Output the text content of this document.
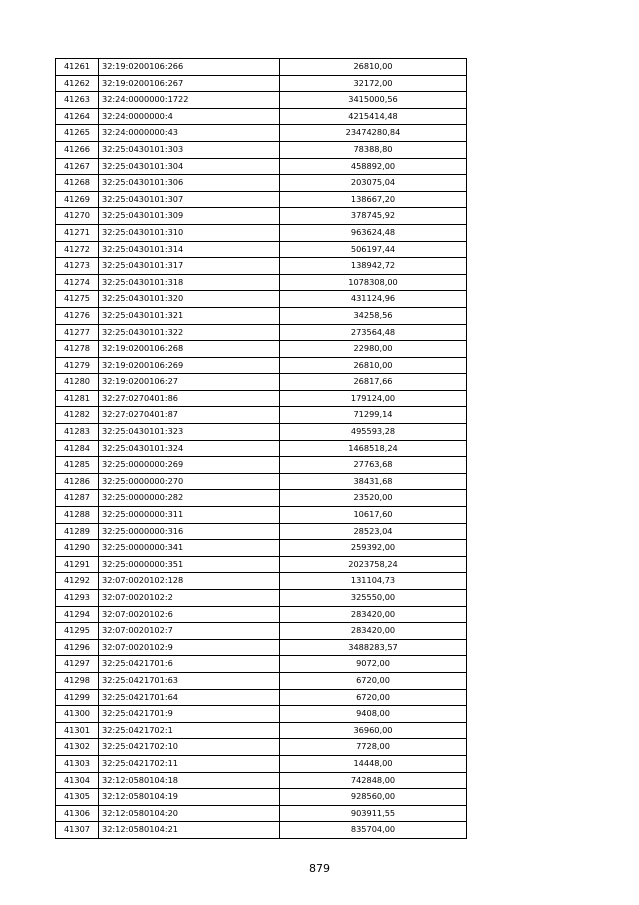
41261	32:19:0200106:266	26810,00
41262	32:19:0200106:267	32172,00
41263	32:24:0000000:1722	3415000,56
41264	32:24:0000000:4	4215414,48
41265	32:24:0000000:43	23474280,84
41266	32:25:0430101:303	78388,80
41267	32:25:0430101:304	458892,00
41268	32:25:0430101:306	203075,04
41269	32:25:0430101:307	138667,20
41270	32:25:0430101:309	378745,92
41271	32:25:0430101:310	963624,48
41272	32:25:0430101:314	506197,44
41273	32:25:0430101:317	138942,72
41274	32:25:0430101:318	1078308,00
41275	32:25:0430101:320	431124,96
41276	32:25:0430101:321	34258,56
41277	32:25:0430101:322	273564,48
41278	32:19:0200106:268	22980,00
41279	32:19:0200106:269	26810,00
41280	32:19:0200106:27	26817,66
41281	32:27:0270401:86	179124,00
41282	32:27:0270401:87	71299,14
41283	32:25:0430101:323	495593,28
41284	32:25:0430101:324	1468518,24
41285	32:25:0000000:269	27763,68
41286	32:25:0000000:270	38431,68
41287	32:25:0000000:282	23520,00
41288	32:25:0000000:311	10617,60
41289	32:25:0000000:316	28523,04
41290	32:25:0000000:341	259392,00
41291	32:25:0000000:351	2023758,24
41292	32:07:0020102:128	131104,73
41293	32:07:0020102:2	325550,00
41294	32:07:0020102:6	283420,00
41295	32:07:0020102:7	283420,00
41296	32:07:0020102:9	3488283,57
41297	32:25:0421701:6	9072,00
41298	32:25:0421701:63	6720,00
41299	32:25:0421701:64	6720,00
41300	32:25:0421701:9	9408,00
41301	32:25:0421702:1	36960,00
41302	32:25:0421702:10	7728,00
41303	32:25:0421702:11	14448,00
41304	32:12:0580104:18	742848,00
41305	32:12:0580104:19	928560,00
41306	32:12:0580104:20	903911,55
41307	32:12:0580104:21	835704,00
879
